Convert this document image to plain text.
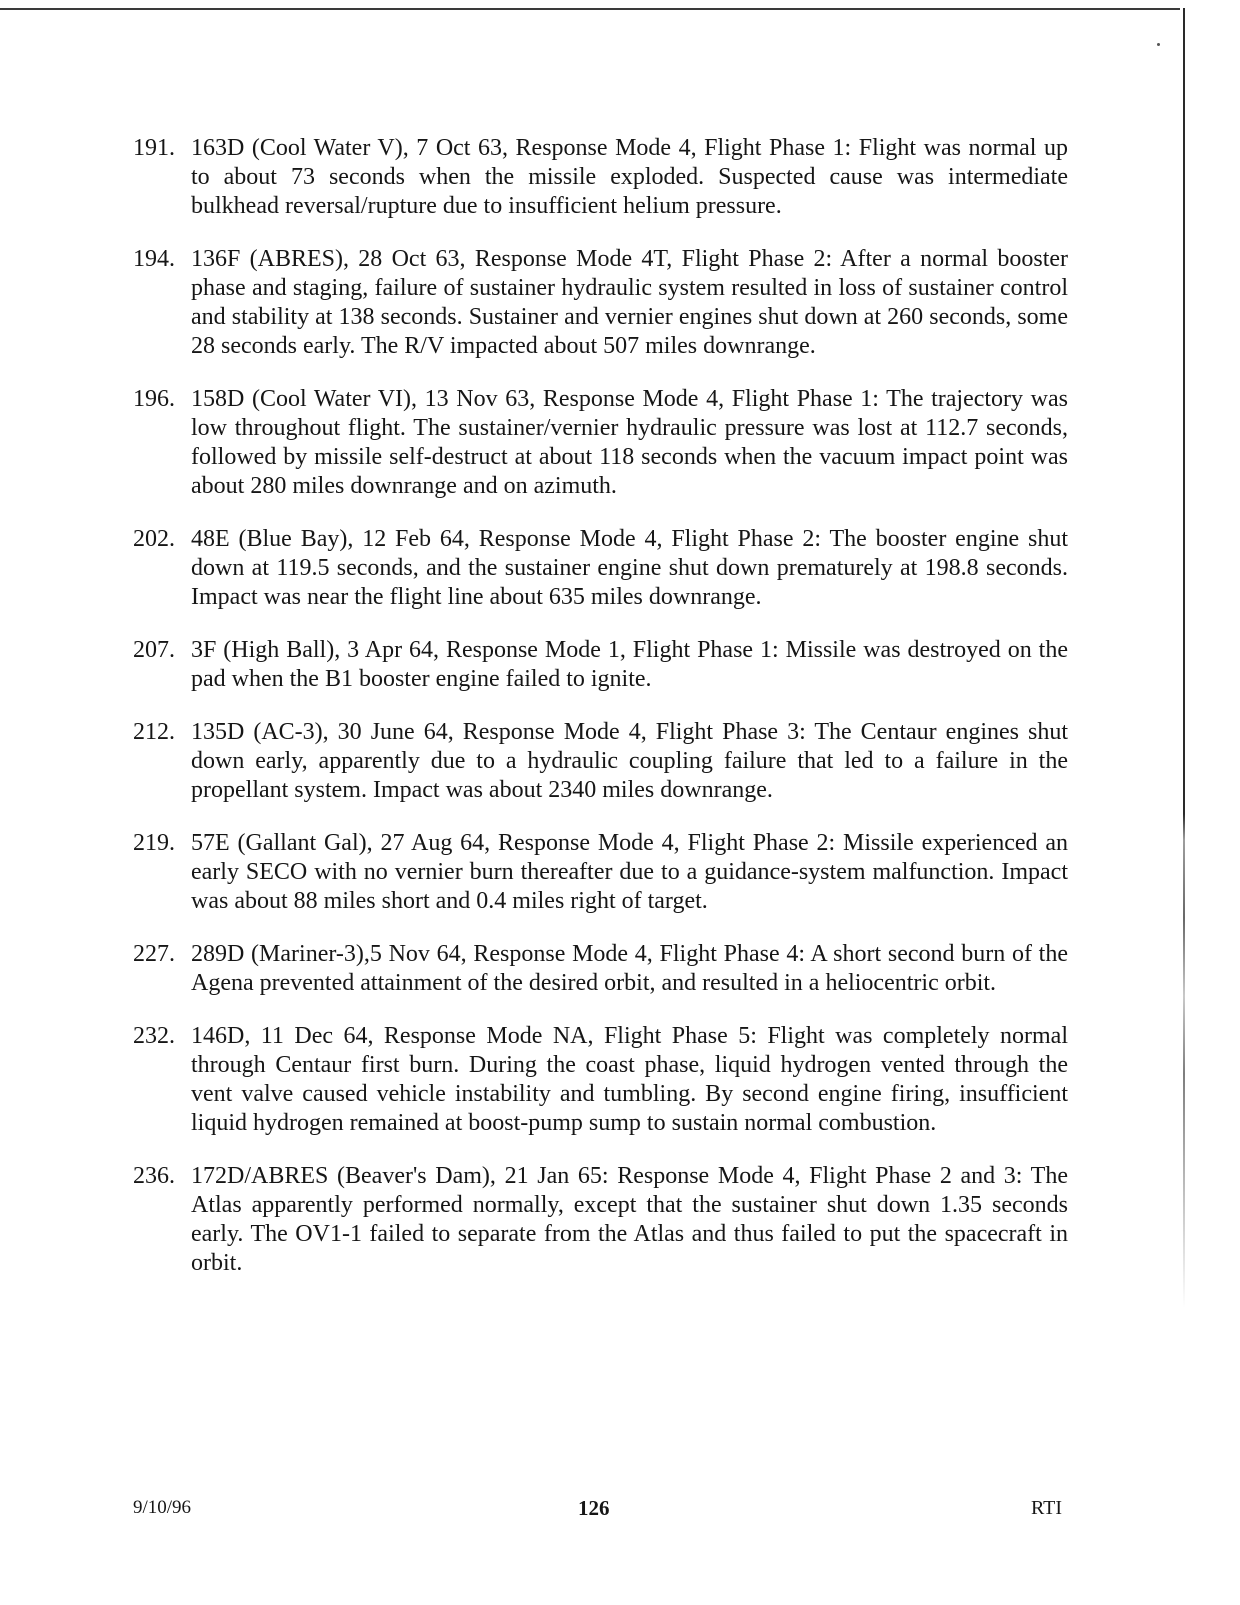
191. 163D (Cool Water V), 7 Oct 63, Response Mode 4, Flight Phase 1: Flight was normal up to about 73 seconds when the missile exploded. Suspected cause was intermediate bulkhead reversal/rupture due to insufficient helium pressure.
194. 136F (ABRES), 28 Oct 63, Response Mode 4T, Flight Phase 2: After a normal booster phase and staging, failure of sustainer hydraulic system resulted in loss of sustainer control and stability at 138 seconds. Sustainer and vernier engines shut down at 260 seconds, some 28 seconds early. The R/V impacted about 507 miles downrange.
196. 158D (Cool Water VI), 13 Nov 63, Response Mode 4, Flight Phase 1: The trajectory was low throughout flight. The sustainer/vernier hydraulic pressure was lost at 112.7 seconds, followed by missile self-destruct at about 118 seconds when the vacuum impact point was about 280 miles downrange and on azimuth.
202. 48E (Blue Bay), 12 Feb 64, Response Mode 4, Flight Phase 2: The booster engine shut down at 119.5 seconds, and the sustainer engine shut down prematurely at 198.8 seconds. Impact was near the flight line about 635 miles downrange.
207. 3F (High Ball), 3 Apr 64, Response Mode 1, Flight Phase 1: Missile was destroyed on the pad when the B1 booster engine failed to ignite.
212. 135D (AC-3), 30 June 64, Response Mode 4, Flight Phase 3: The Centaur engines shut down early, apparently due to a hydraulic coupling failure that led to a failure in the propellant system. Impact was about 2340 miles downrange.
219. 57E (Gallant Gal), 27 Aug 64, Response Mode 4, Flight Phase 2: Missile experienced an early SECO with no vernier burn thereafter due to a guidance-system malfunction. Impact was about 88 miles short and 0.4 miles right of target.
227. 289D (Mariner-3),5 Nov 64, Response Mode 4, Flight Phase 4: A short second burn of the Agena prevented attainment of the desired orbit, and resulted in a heliocentric orbit.
232. 146D, 11 Dec 64, Response Mode NA, Flight Phase 5: Flight was completely normal through Centaur first burn. During the coast phase, liquid hydrogen vented through the vent valve caused vehicle instability and tumbling. By second engine firing, insufficient liquid hydrogen remained at boost-pump sump to sustain normal combustion.
236. 172D/ABRES (Beaver's Dam), 21 Jan 65: Response Mode 4, Flight Phase 2 and 3: The Atlas apparently performed normally, except that the sustainer shut down 1.35 seconds early. The OV1-1 failed to separate from the Atlas and thus failed to put the spacecraft in orbit.
9/10/96	126	RTI
